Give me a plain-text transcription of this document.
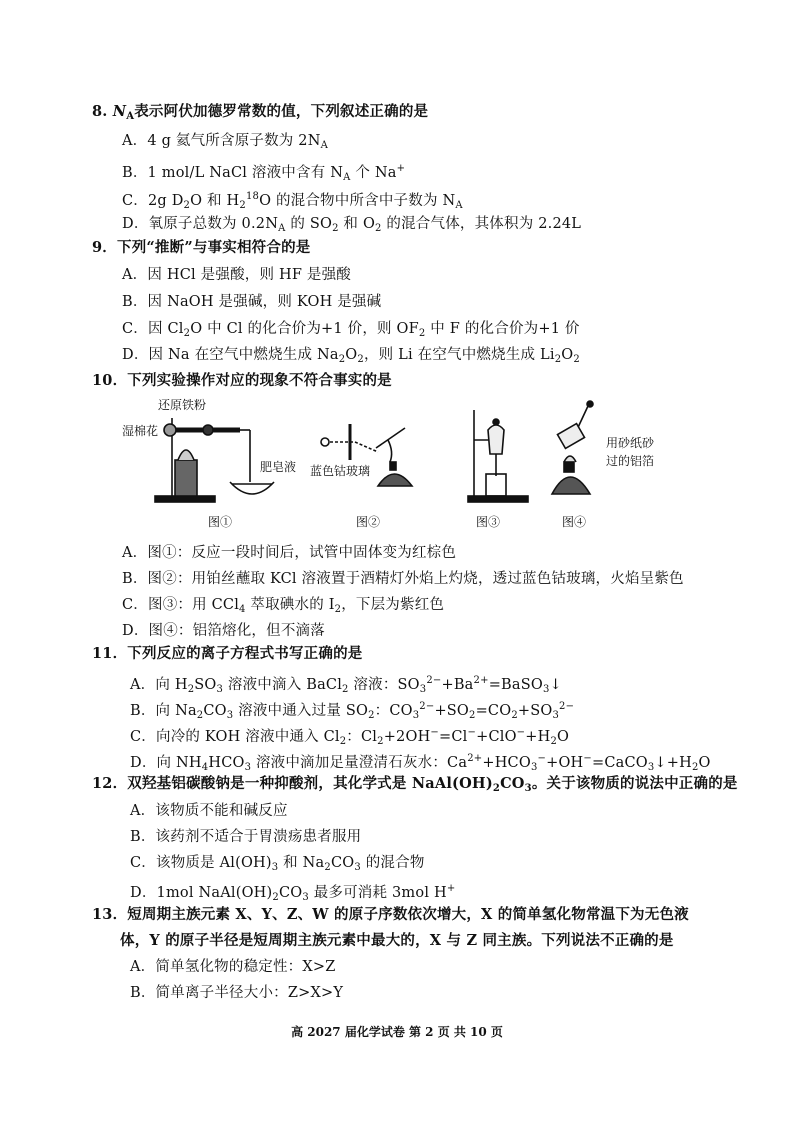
8. $N_A$表示阿伏加德罗常数的值，下列叙述正确的是
A．4 g 氦气所含原子数为 $2N_A$
B．1 mol/L NaCl 溶液中含有 $N_A$ 个 Na+
C．2g $D_2O$ 和 $H_2^{18}O$ 的混合物中所含中子数为 $N_A$
D．氧原子总数为 $0.2N_A$ 的 $SO_2$ 和 $O_2$ 的混合气体，其体积为 2.24L
9．下列“推断”与事实相符合的是
A．因 HCl 是强酸，则 HF 是强酸
B．因 NaOH 是强碱，则 KOH 是强碱
C．因 $Cl_2O$ 中 Cl 的化合价为+1 价，则 $OF_2$ 中 F 的化合价为+1 价
D．因 Na 在空气中燃烧生成 $Na_2O_2$，则 Li 在空气中燃烧生成 $Li_2O_2$
10．下列实验操作对应的现象不符合事实的是
还原铁粉
湿棉花
肥皂液 蓝色钴玻璃
用砂纸砂
过的铝箔
图①	图②	图③	图④
A．图①：反应一段时间后，试管中固体变为红棕色
B．图②：用铂丝蘸取 KCl 溶液置于酒精灯外焰上灼烧，透过蓝色钴玻璃，火焰呈紫色
C．图③：用 CCl$_4$ 萃取碘水的 $I_2$，下层为紫红色
D．图④：铝箔熔化，但不滴落
11．下列反应的离子方程式书写正确的是
A．向 $H_2SO_3$ 溶液中滴入 BaCl$_2$ 溶液：$SO_3^{2-}+Ba^{2+}=BaSO_3↓$
B．向 $Na_2CO_3$ 溶液中通入过量 $SO_2$：$CO_3^{2-}+SO_2=CO_2+SO_3^{2-}$
C．向冷的 KOH 溶液中通入 $Cl_2$：$Cl_2+2OH^-=Cl^-+ClO^-+H_2O$
D．向 $NH_4HCO_3$ 溶液中滴加足量澄清石灰水：$Ca^{2+}+HCO_3^-+OH^-=CaCO_3↓+H_2O$
12．双羟基铝碳酸钠是一种抑酸剂，其化学式是 $NaAl(OH)_2CO_3$。关于该物质的说法中正确的是
A．该物质不能和碱反应
B．该药剂不适合于胃溃疡患者服用
C．该物质是 $Al(OH)_3$ 和 $Na_2CO_3$ 的混合物
D．1mol $NaAl(OH)_2CO_3$ 最多可消耗 3mol H+
13．短周期主族元素 X、Y、Z、W 的原子序数依次增大，X 的简单氢化物常温下为无色液
体，Y 的原子半径是短周期主族元素中最大的，X 与 Z 同主族。下列说法不正确的是
A．简单氢化物的稳定性：X>Z
B．简单离子半径大小：Z>X>Y
高 2027 届化学试卷 第 2 页 共 10 页
